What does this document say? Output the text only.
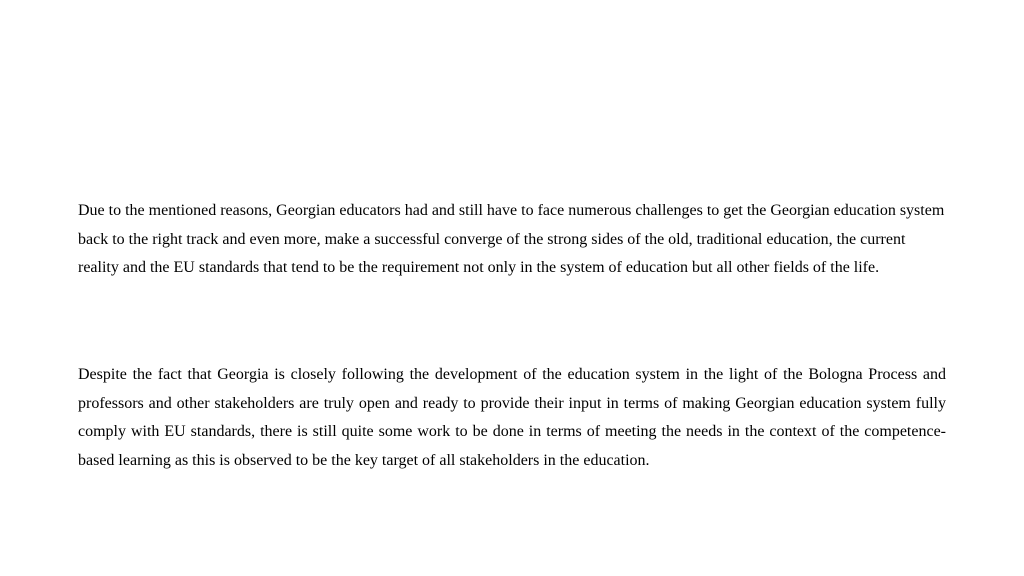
Due to the mentioned reasons, Georgian educators had and still have to face numerous challenges to get the Georgian education system back to the right track and even more, make a successful converge of the strong sides of the old, traditional education, the current reality and the EU standards that tend to be the requirement not only in the system of education but all other fields of the life.

Despite the fact that Georgia is closely following the development of the education system in the light of the Bologna Process and professors and other stakeholders are truly open and ready to provide their input in terms of making Georgian education system fully comply with EU standards, there is still quite some work to be done in terms of meeting the needs in the context of the competence-based learning as this is observed to be the key target of all stakeholders in the education.
